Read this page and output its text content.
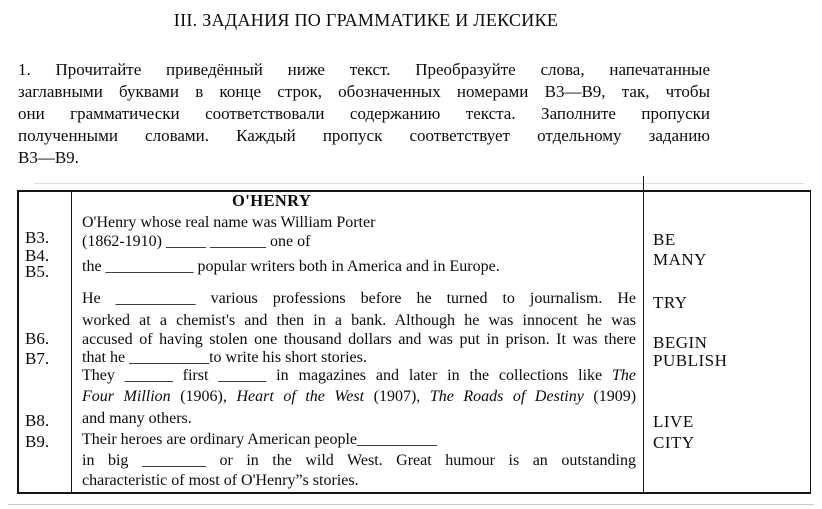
III. ЗАДАНИЯ ПО ГРАММАТИКЕ И ЛЕКСИКЕ
1. Прочитайте приведённый ниже текст. Преобразуйте слова, напечатанные
заглавными буквами в конце строк, обозначенных номерами В3—В9, так, чтобы
они грамматически соответствовали содержанию текста. Заполните пропуски
полученными словами. Каждый пропуск соответствует отдельному заданию
В3—В9.
B3.
B4.
B5.
B6.
B7.
B8.
B9.
O'HENRY
O'Henry whose real name was William Porter
(1862-1910) _____ _______ one of
the ___________ popular writers both in America and in Europe.
He __________ various professions before he turned to journalism. He
worked at a chemist's and then in a bank. Although he was innocent he was
accused of having stolen one thousand dollars and was put in prison. It was there
that he __________to write his short stories.
They ______ first ______ in magazines and later in the collections like The
Four Million (1906), Heart of the West (1907), The Roads of Destiny (1909)
and many others.
Their heroes are ordinary American people__________
in big ________ or in the wild West. Great humour is an outstanding
characteristic of most of O'Henry”s stories.
BE
MANY
TRY
BEGIN
PUBLISH
LIVE
CITY
